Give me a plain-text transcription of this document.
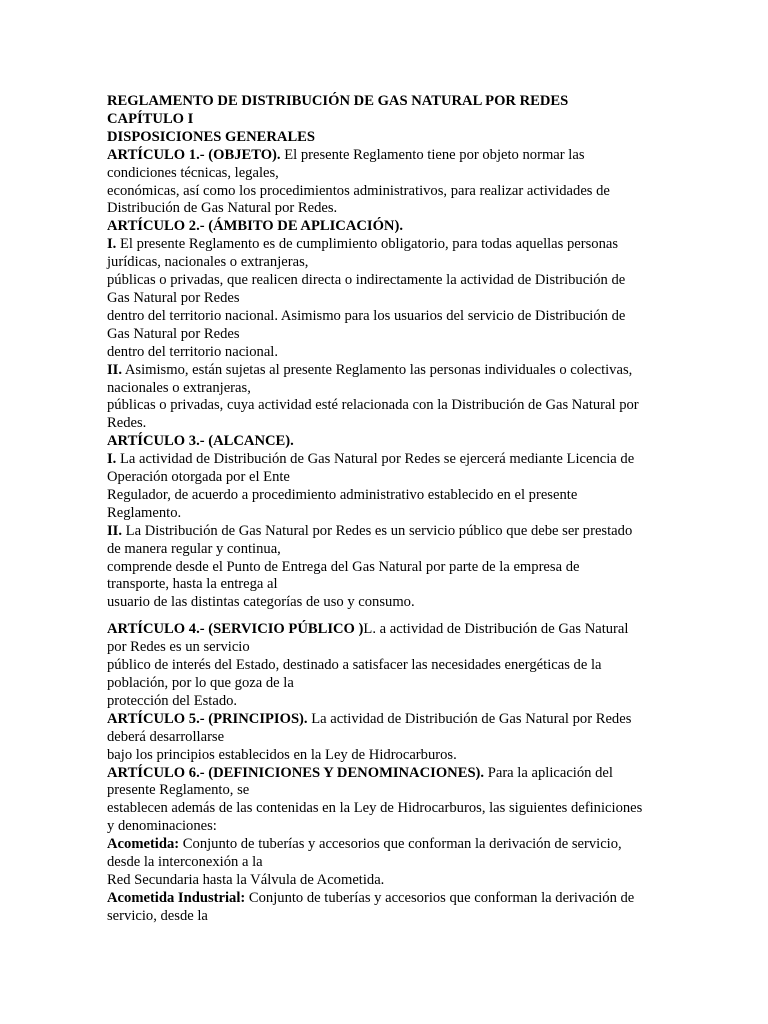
REGLAMENTO DE DISTRIBUCIÓN DE GAS NATURAL POR REDES
CAPÍTULO I
DISPOSICIONES GENERALES
ARTÍCULO 1.- (OBJETO). El presente Reglamento tiene por objeto normar las
condiciones técnicas, legales,
económicas, así como los procedimientos administrativos, para realizar actividades de
Distribución de Gas Natural por Redes.
ARTÍCULO 2.- (ÁMBITO DE APLICACIÓN).
I. El presente Reglamento es de cumplimiento obligatorio, para todas aquellas personas
jurídicas, nacionales o extranjeras,
públicas o privadas, que realicen directa o indirectamente la actividad de Distribución de
Gas Natural por Redes
dentro del territorio nacional. Asimismo para los usuarios del servicio de Distribución de
Gas Natural por Redes
dentro del territorio nacional.
II. Asimismo, están sujetas al presente Reglamento las personas individuales o colectivas,
nacionales o extranjeras,
públicas o privadas, cuya actividad esté relacionada con la Distribución de Gas Natural por
Redes.
ARTÍCULO 3.- (ALCANCE).
I. La actividad de Distribución de Gas Natural por Redes se ejercerá mediante Licencia de
Operación otorgada por el Ente
Regulador, de acuerdo a procedimiento administrativo establecido en el presente
Reglamento.
II. La Distribución de Gas Natural por Redes es un servicio público que debe ser prestado
de manera regular y continua,
comprende desde el Punto de Entrega del Gas Natural por parte de la empresa de
transporte, hasta la entrega al
usuario de las distintas categorías de uso y consumo.
ARTÍCULO 4.- (SERVICIO PÚBLICO )L. a actividad de Distribución de Gas Natural
por Redes es un servicio
público de interés del Estado, destinado a satisfacer las necesidades energéticas de la
población, por lo que goza de la
protección del Estado.
ARTÍCULO 5.- (PRINCIPIOS). La actividad de Distribución de Gas Natural por Redes
deberá desarrollarse
bajo los principios establecidos en la Ley de Hidrocarburos.
ARTÍCULO 6.- (DEFINICIONES Y DENOMINACIONES). Para la aplicación del
presente Reglamento, se
establecen además de las contenidas en la Ley de Hidrocarburos, las siguientes definiciones
y denominaciones:
Acometida: Conjunto de tuberías y accesorios que conforman la derivación de servicio,
desde la interconexión a la
Red Secundaria hasta la Válvula de Acometida.
Acometida Industrial: Conjunto de tuberías y accesorios que conforman la derivación de
servicio, desde la
